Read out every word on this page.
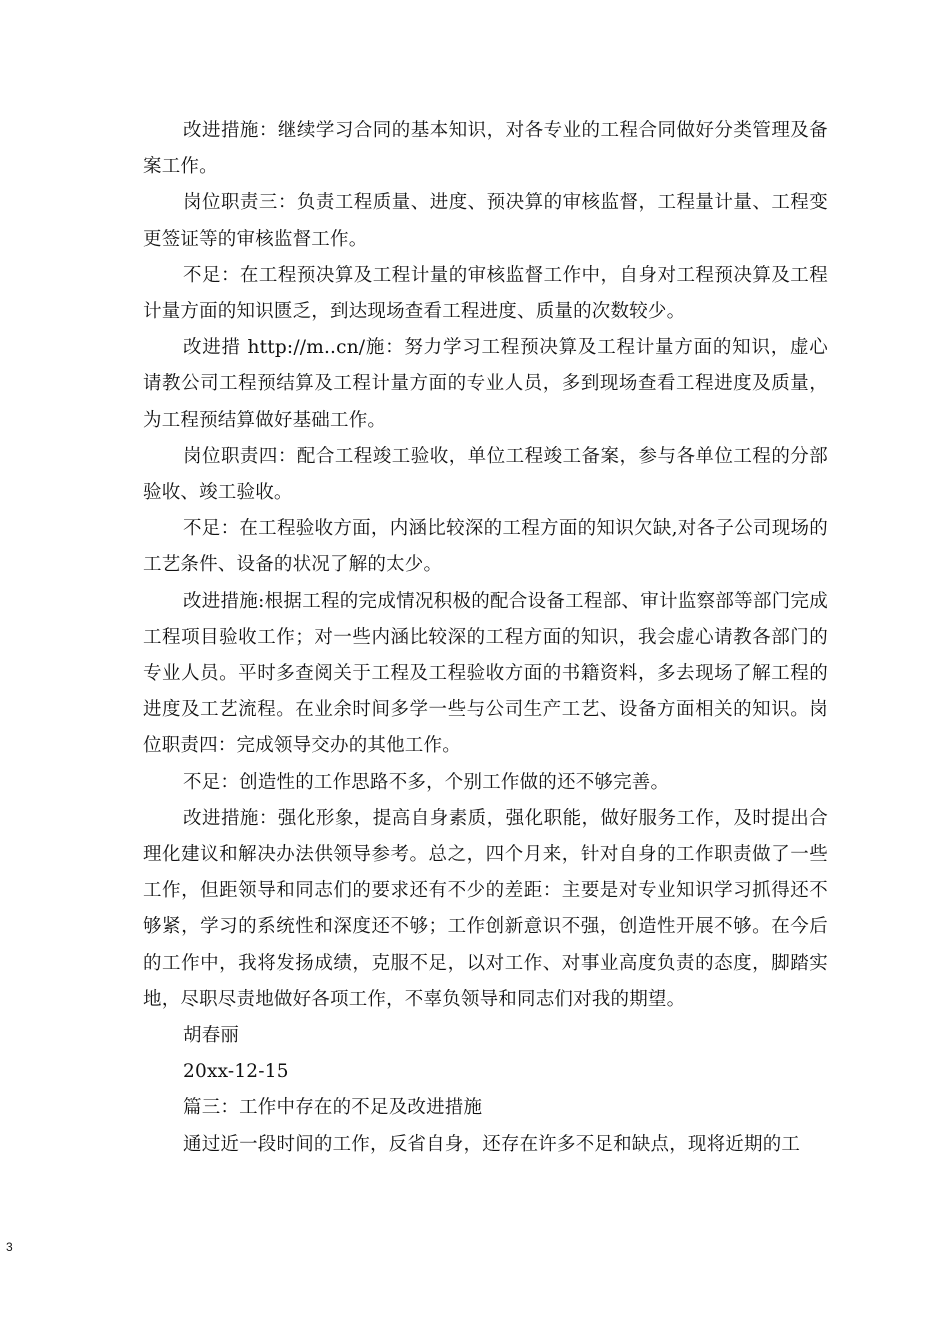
改进措施：继续学习合同的基本知识，对各专业的工程合同做好分类管理及备案工作。

岗位职责三：负责工程质量、进度、预决算的审核监督，工程量计量、工程变更签证等的审核监督工作。

不足：在工程预决算及工程计量的审核监督工作中，自身对工程预决算及工程计量方面的知识匮乏，到达现场查看工程进度、质量的次数较少。

改进措 http://m..cn/施：努力学习工程预决算及工程计量方面的知识，虚心请教公司工程预结算及工程计量方面的专业人员，多到现场查看工程进度及质量，为工程预结算做好基础工作。

岗位职责四：配合工程竣工验收，单位工程竣工备案，参与各单位工程的分部验收、竣工验收。

不足：在工程验收方面，内涵比较深的工程方面的知识欠缺,对各子公司现场的工艺条件、设备的状况了解的太少。

改进措施:根据工程的完成情况积极的配合设备工程部、审计监察部等部门完成工程项目验收工作；对一些内涵比较深的工程方面的知识，我会虚心请教各部门的专业人员。平时多查阅关于工程及工程验收方面的书籍资料，多去现场了解工程的进度及工艺流程。在业余时间多学一些与公司生产工艺、设备方面相关的知识。岗位职责四：完成领导交办的其他工作。

不足：创造性的工作思路不多，个别工作做的还不够完善。

改进措施：强化形象，提高自身素质，强化职能，做好服务工作，及时提出合理化建议和解决办法供领导参考。总之，四个月来，针对自身的工作职责做了一些工作，但距领导和同志们的要求还有不少的差距：主要是对专业知识学习抓得还不够紧，学习的系统性和深度还不够；工作创新意识不强，创造性开展不够。在今后的工作中，我将发扬成绩，克服不足，以对工作、对事业高度负责的态度，脚踏实地，尽职尽责地做好各项工作，不辜负领导和同志们对我的期望。

胡春丽

20xx-12-15

篇三：工作中存在的不足及改进措施

通过近一段时间的工作，反省自身，还存在许多不足和缺点，现将近期的工

3
